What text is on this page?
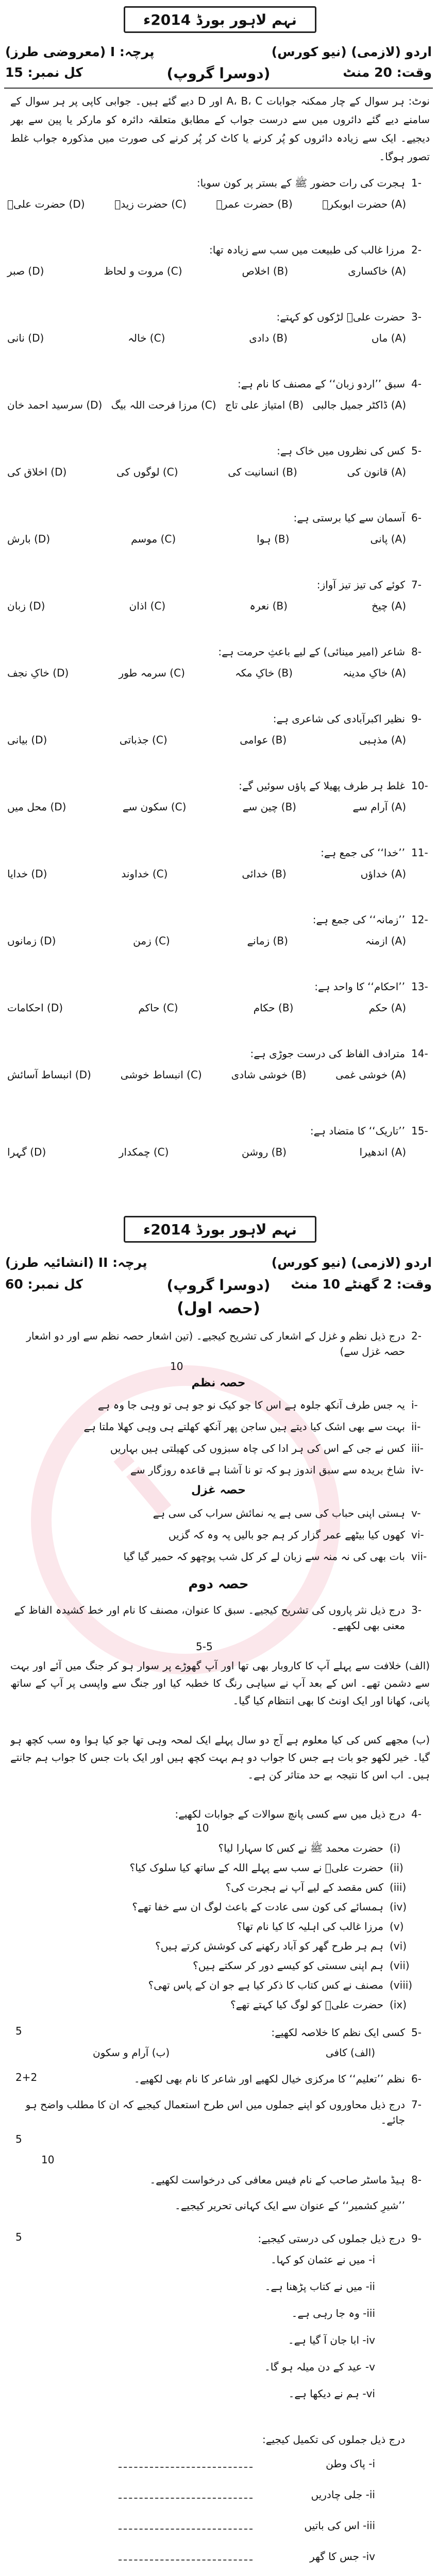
نہم لاہور بورڈ 2014ء
اردو (لازمی) (نیو کورس)
پرچہ: I (معروضی طرز)
وقت: 20 منٹ
(دوسرا گروپ)
کل نمبر: 15
نوٹ: ہر سوال کے چار ممکنہ جوابات A، B، C اور D دیے گئے ہیں۔ جوابی کاپی پر ہر سوال کے سامنے دیے گئے دائروں میں سے درست جواب کے مطابق متعلقہ دائرہ کو مارکر یا پین سے بھر دیجیے۔ ایک سے زیادہ دائروں کو پُر کرنے یا کاٹ کر پُر کرنے کی صورت میں مذکورہ جواب غلط تصور ہوگا۔
نہم لاہور بورڈ 2014ء
اردو (لازمی) (نیو کورس)
پرچہ: II (انشائیہ طرز)
وقت: 2 گھنٹے 10 منٹ
(دوسرا گروپ)
کل نمبر: 60
(حصہ اول)
i
2-
درج ذیل نظم و غزل کے اشعار کی تشریح کیجیے۔ (تین اشعار حصہ نظم سے اور دو اشعار حصہ غزل سے)
10
حصہ نظم
حصہ غزل
حصہ دوم
3-
درج ذیل نثر پاروں کی تشریح کیجیے۔ سبق کا عنوان، مصنف کا نام اور خط کشیدہ الفاظ کے معنی بھی لکھیے۔
5-5
(الف) خلافت سے پہلے آپ کا کاروبار بھی تھا اور آپ گھوڑے پر سوار ہو کر جنگ میں آئے اور بہت سے دشمن تھے۔ اس کے بعد آپ نے سیاہی رنگ کا خطبہ کیا اور جنگ سے واپسی پر آپ کے ساتھ پانی، کھانا اور ایک اونٹ کا بھی انتظام کیا گیا۔
(ب) مجھے کس کی کیا معلوم ہے آج دو سال پہلے ایک لمحہ وہی تھا جو کیا ہوا وہ سب کچھ ہو گیا۔ خیر لکھو جو بات ہے جس کا جواب دو ہم بہت کچھ ہیں اور ایک بات جس کا جواب ہم جانتے ہیں۔ اب اس کا نتیجہ بے حد متاثر کن ہے۔
4-
درج ذیل میں سے کسی پانچ سوالات کے جوابات لکھیے:
10
5-
کسی ایک نظم کا خلاصہ لکھیے:
5
(الف) کافی
(ب) آرام و سکون
6-
نظم ’’تعلیم‘‘ کا مرکزی خیال لکھیے اور شاعر کا نام بھی لکھیے۔
2+2
7-
درج ذیل محاوروں کو اپنے جملوں میں اس طرح استعمال کیجیے کہ ان کا مطلب واضح ہو جائے۔
5
10
8-
ہیڈ ماسٹر صاحب کے نام فیس معافی کی درخواست لکھیے۔
’’شیرِ کشمیر‘‘ کے عنوان سے ایک کہانی تحریر کیجیے۔
9-
درج ذیل جملوں کی درستی کیجیے:
5
درج ذیل جملوں کی تکمیل کیجیے:
1-
ہجرت کی رات حضور ﷺ کے بستر پر کون سویا:
(A) حضرت ابوبکرؓ
(B) حضرت عمرؓ
(C) حضرت زیدؓ
(D) حضرت علیؓ
2-
مرزا غالب کی طبیعت میں سب سے زیادہ تھا:
(A) خاکساری
(B) اخلاص
(C) مروت و لحاظ
(D) صبر
3-
حضرت علیؓ لڑکوں کو کہتے:
(A) ماں
(B) دادی
(C) خالہ
(D) نانی
4-
سبق ’’اردو زبان‘‘ کے مصنف کا نام ہے:
(A) ڈاکٹر جمیل جالبی
(B) امتیاز علی تاج
(C) مرزا فرحت اللہ بیگ
(D) سرسید احمد خان
5-
کس کی نظروں میں خاک ہے:
(A) قانون کی
(B) انسانیت کی
(C) لوگوں کی
(D) اخلاق کی
6-
آسمان سے کیا برستی ہے:
(A) پانی
(B) ہوا
(C) موسم
(D) بارش
7-
کوئے کی تیز تیز آواز:
(A) چیخ
(B) نعرہ
(C) اذان
(D) زبان
8-
شاعر (امیر مینائی) کے لیے باعثِ حرمت ہے:
(A) خاکِ مدینہ
(B) خاکِ مکہ
(C) سرمہ طور
(D) خاکِ نجف
9-
نظیر اکبرآبادی کی شاعری ہے:
(A) مذہبی
(B) عوامی
(C) جذباتی
(D) بیانی
10-
غلط ہر طرف پھیلا کے پاؤں سوئیں گے:
(A) آرام سے
(B) چین سے
(C) سکون سے
(D) محل میں
11-
’’خدا‘‘ کی جمع ہے:
(A) خداؤں
(B) خدائی
(C) خداوند
(D) خدایا
12-
’’زمانہ‘‘ کی جمع ہے:
(A) ازمنہ
(B) زمانے
(C) زمن
(D) زمانوں
13-
’’احکام‘‘ کا واحد ہے:
(A) حکم
(B) حکام
(C) حاکم
(D) احکامات
14-
مترادف الفاظ کی درست جوڑی ہے:
(A) خوشی غمی
(B) خوشی شادی
(C) انبساط خوشی
(D) انبساط آسائش
15-
’’تاریک‘‘ کا متضاد ہے:
(A) اندھیرا
(B) روشن
(C) چمکدار
(D) گہرا
i-
یہ جس طرف آنکھ جلوہ ہے اس کا جو کیک نو جو ہی تو وہی جا وہ ہے
ii-
بہت سے بھی اشک کیا دیتے ہیں ساجن پھر آنکھ کھلتے ہی وہی کھلا ملتا ہے
iii-
کس نے جی کے اس کی ہر ادا کی چاہ سبزوں کی کھیلتی ہیں بہاریں
iv-
شاخ بریدہ سے سبق اندوز ہو کہ تو نا آشنا ہے قاعدہ روزگار سے
v-
ہستی اپنی حباب کی سی ہے یہ نمائش سراب کی سی ہے
vi-
کھوں کیا بیٹھے عمر گزار کر ہم جو بالیں پہ وہ کہ گزیں
vii-
بات بھی کی نہ منہ سے زبان لے کر کل شب پوچھو کہ حمیر گیا گیا
(i)
حضرت محمد ﷺ نے کس کا سہارا لیا؟
(ii)
حضرت علیؓ نے سب سے پہلے اللہ کے ساتھ کیا سلوک کیا؟
(iii)
کس مقصد کے لیے آپ نے ہجرت کی؟
(iv)
ہمسائے کی کون سی عادت کے باعث لوگ ان سے خفا تھے؟
(v)
مرزا غالب کی اہلیہ کا کیا نام تھا؟
(vi)
ہم ہر طرح گھر کو آباد رکھنے کی کوشش کرتے ہیں؟
(vii)
ہم اپنی سستی کو کیسے دور کر سکتے ہیں؟
(viii)
مصنف نے کس کتاب کا ذکر کیا ہے جو ان کے پاس تھی؟
(ix)
حضرت علیؓ کو لوگ کیا کہتے تھے؟
i- میں نے عثمان کو کہا۔
ii- میں نے کتاب پڑھنا ہے۔
iii- وہ جا رہی ہے۔
iv- ابا جان آ گیا ہے۔
v- عید کے دن میلہ ہو گا۔
vi- ہم نے دیکھا ہے۔
i- پاک وطن
ii- جلی چادریں
iii- اس کی باتیں
iv- جس کا گھر
